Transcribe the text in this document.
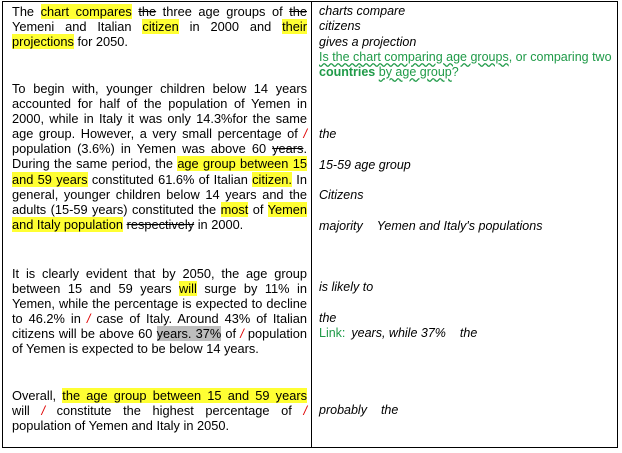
The chart compares the three age groups of the Yemeni and Italian citizen in 2000 and their projections for 2050.

To begin with, younger children below 14 years accounted for half of the population of Yemen in 2000, while in Italy it was only 14.3%for the same age group. However, a very small percentage of / population (3.6%) in Yemen was above 60 years. During the same period, the age group between 15 and 59 years constituted 61.6% of Italian citizen. In general, younger children below 14 years and the adults (15-59 years) constituted the most of Yemen and Italy population respectively in 2000.

It is clearly evident that by 2050, the age group between 15 and 59 years will surge by 11% in Yemen, while the percentage is expected to decline to 46.2% in / case of Italy. Around 43% of Italian citizens will be above 60 years. 37% of / population of Yemen is expected to be below 14 years.

Overall, the age group between 15 and 59 years will / constitute the highest percentage of / population of Yemen and Italy in 2050.

charts compare
citizens
gives a projection
Is the chart comparing age groups, or comparing two countries by age group?
the
15-59 age group
Citizens
majority Yemen and Italy's populations
is likely to
the
Link: years, while 37% the
probably the
